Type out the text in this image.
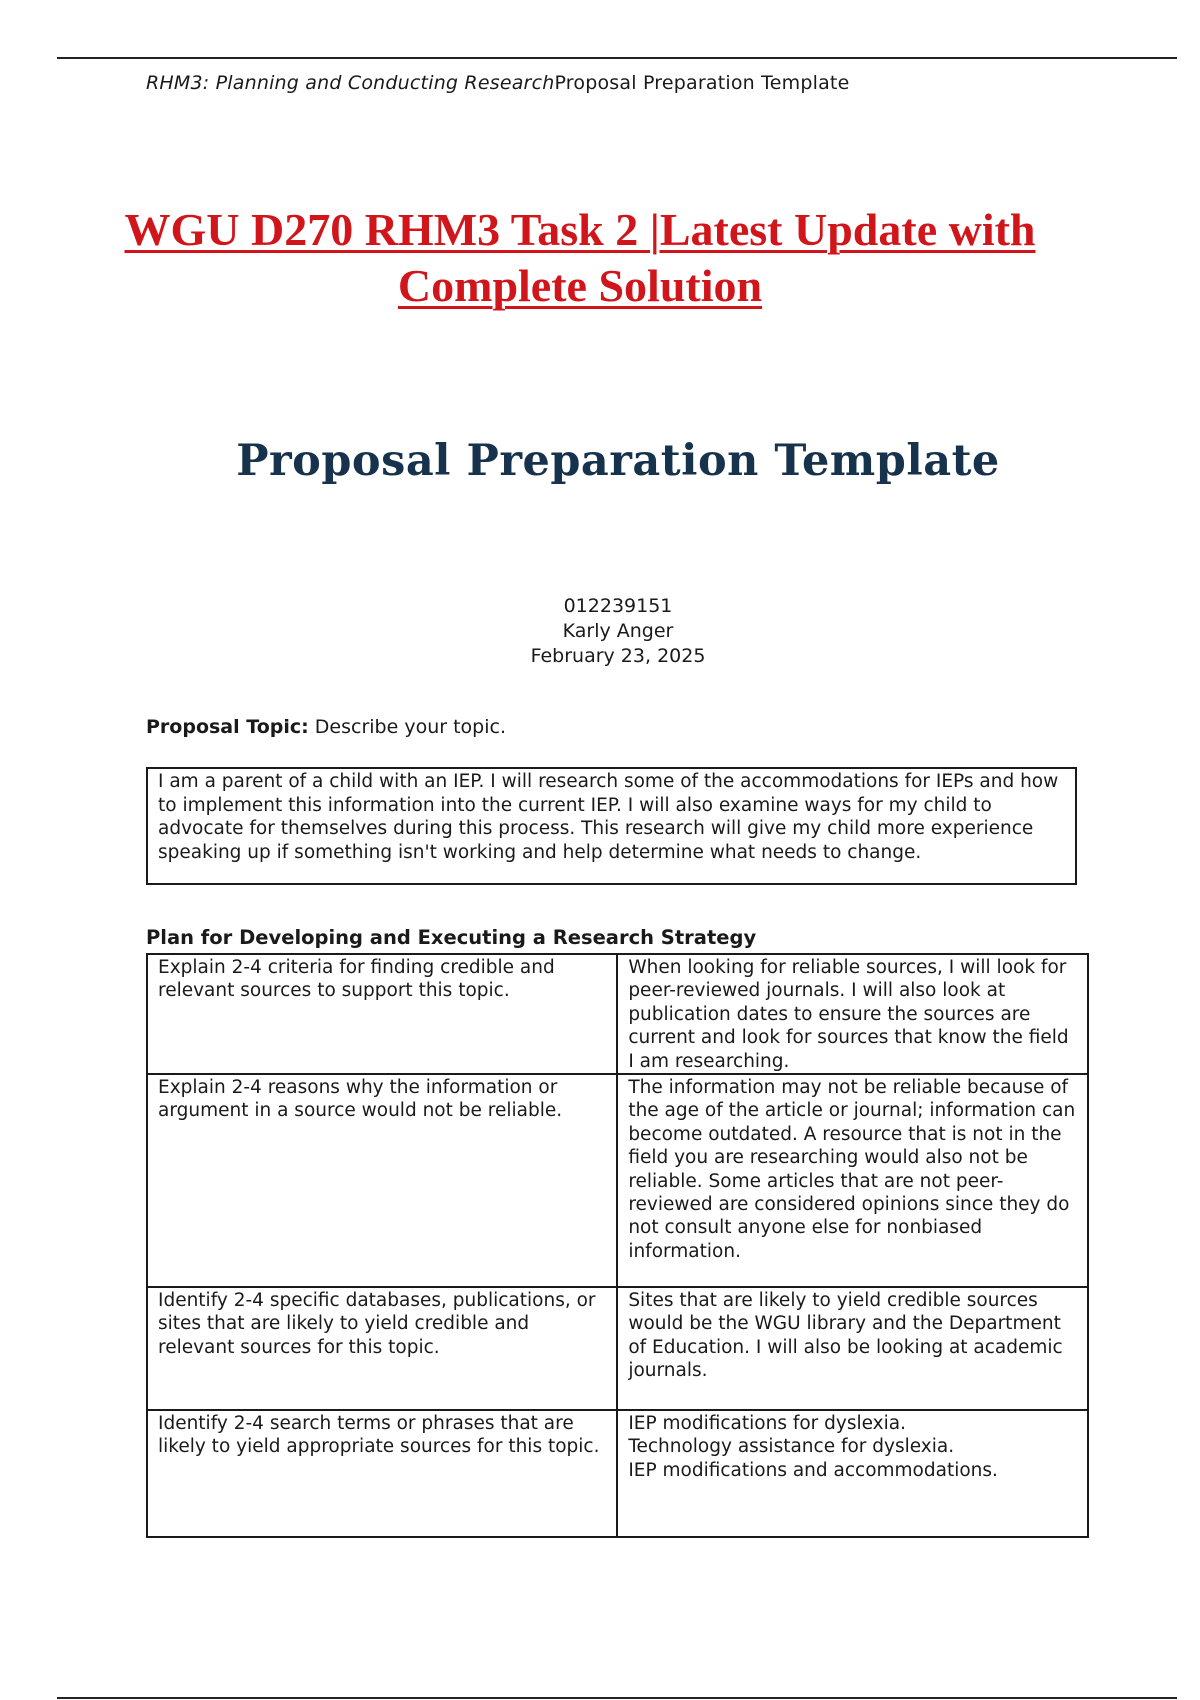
RHM3: Planning and Conducting ResearchProposal Preparation Template
WGU D270 RHM3 Task 2 |Latest Update with
Complete Solution
Proposal Preparation Template
012239151
Karly Anger
February 23, 2025
Proposal Topic: Describe your topic.
I am a parent of a child with an IEP. I will research some of the accommodations for IEPs and how to implement this information into the current IEP. I will also examine ways for my child to advocate for themselves during this process. This research will give my child more experience speaking up if something isn't working and help determine what needs to change.
Plan for Developing and Executing a Research Strategy
Explain 2-4 criteria for finding credible and relevant sources to support this topic.	When looking for reliable sources, I will look for peer-reviewed journals. I will also look at publication dates to ensure the sources are current and look for sources that know the field I am researching.

Explain 2-4 reasons why the information or argument in a source would not be reliable.	The information may not be reliable because of the age of the article or journal; information can become outdated. A resource that is not in the field you are researching would also not be reliable. Some articles that are not peer-reviewed are considered opinions since they do not consult anyone else for nonbiased information.

Identify 2-4 specific databases, publications, or sites that are likely to yield credible and relevant sources for this topic.	Sites that are likely to yield credible sources would be the WGU library and the Department of Education. I will also be looking at academic journals.

Identify 2-4 search terms or phrases that are likely to yield appropriate sources for this topic.	IEP modifications for dyslexia.
Technology assistance for dyslexia.
IEP modifications and accommodations.
